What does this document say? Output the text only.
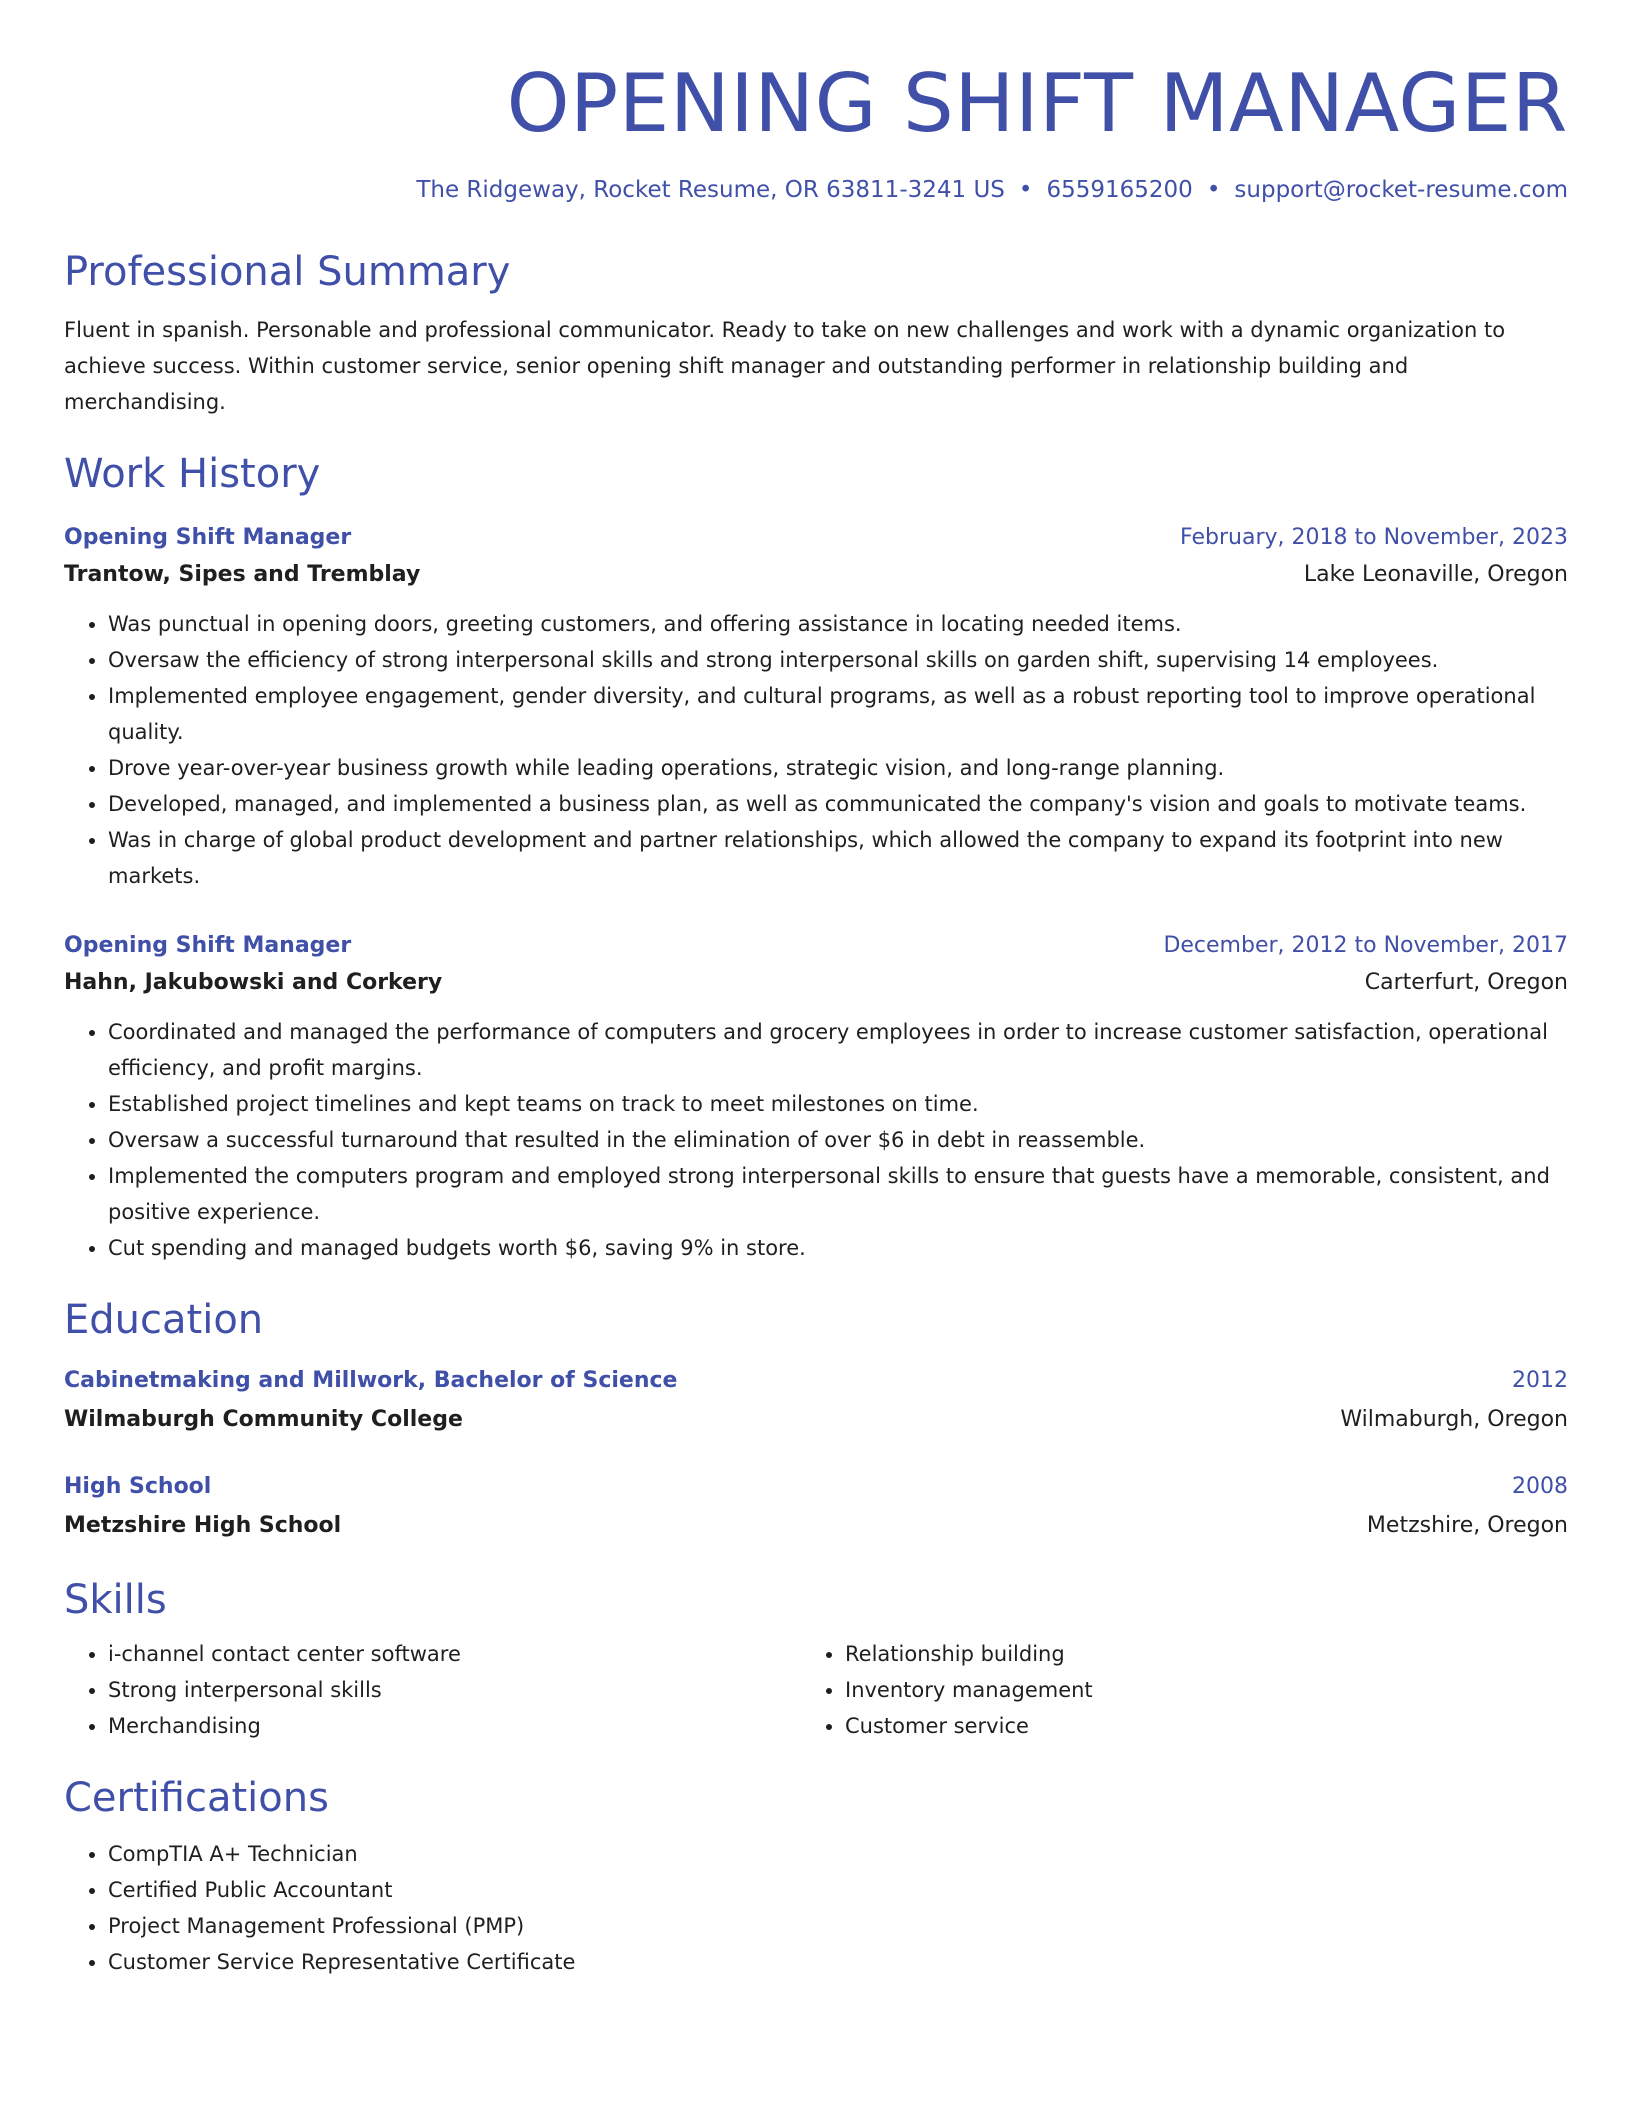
OPENING SHIFT MANAGER
The Ridgeway, Rocket Resume, OR 63811-3241 US • 6559165200 • support@rocket-resume.com
Professional Summary
Fluent in spanish. Personable and professional communicator. Ready to take on new challenges and work with a dynamic organization to achieve success. Within customer service, senior opening shift manager and outstanding performer in relationship building and merchandising.
Work History
Opening Shift Manager	February, 2018 to November, 2023
Trantow, Sipes and Tremblay	Lake Leonaville, Oregon
• Was punctual in opening doors, greeting customers, and offering assistance in locating needed items.
• Oversaw the efficiency of strong interpersonal skills and strong interpersonal skills on garden shift, supervising 14 employees.
• Implemented employee engagement, gender diversity, and cultural programs, as well as a robust reporting tool to improve operational quality.
• Drove year-over-year business growth while leading operations, strategic vision, and long-range planning.
• Developed, managed, and implemented a business plan, as well as communicated the company's vision and goals to motivate teams.
• Was in charge of global product development and partner relationships, which allowed the company to expand its footprint into new markets.
Opening Shift Manager	December, 2012 to November, 2017
Hahn, Jakubowski and Corkery	Carterfurt, Oregon
• Coordinated and managed the performance of computers and grocery employees in order to increase customer satisfaction, operational efficiency, and profit margins.
• Established project timelines and kept teams on track to meet milestones on time.
• Oversaw a successful turnaround that resulted in the elimination of over $6 in debt in reassemble.
• Implemented the computers program and employed strong interpersonal skills to ensure that guests have a memorable, consistent, and positive experience.
• Cut spending and managed budgets worth $6, saving 9% in store.
Education
Cabinetmaking and Millwork, Bachelor of Science	2012
Wilmaburgh Community College	Wilmaburgh, Oregon
High School	2008
Metzshire High School	Metzshire, Oregon
Skills
• i-channel contact center software
• Strong interpersonal skills
• Merchandising
• Relationship building
• Inventory management
• Customer service
Certifications
• CompTIA A+ Technician
• Certified Public Accountant
• Project Management Professional (PMP)
• Customer Service Representative Certificate
